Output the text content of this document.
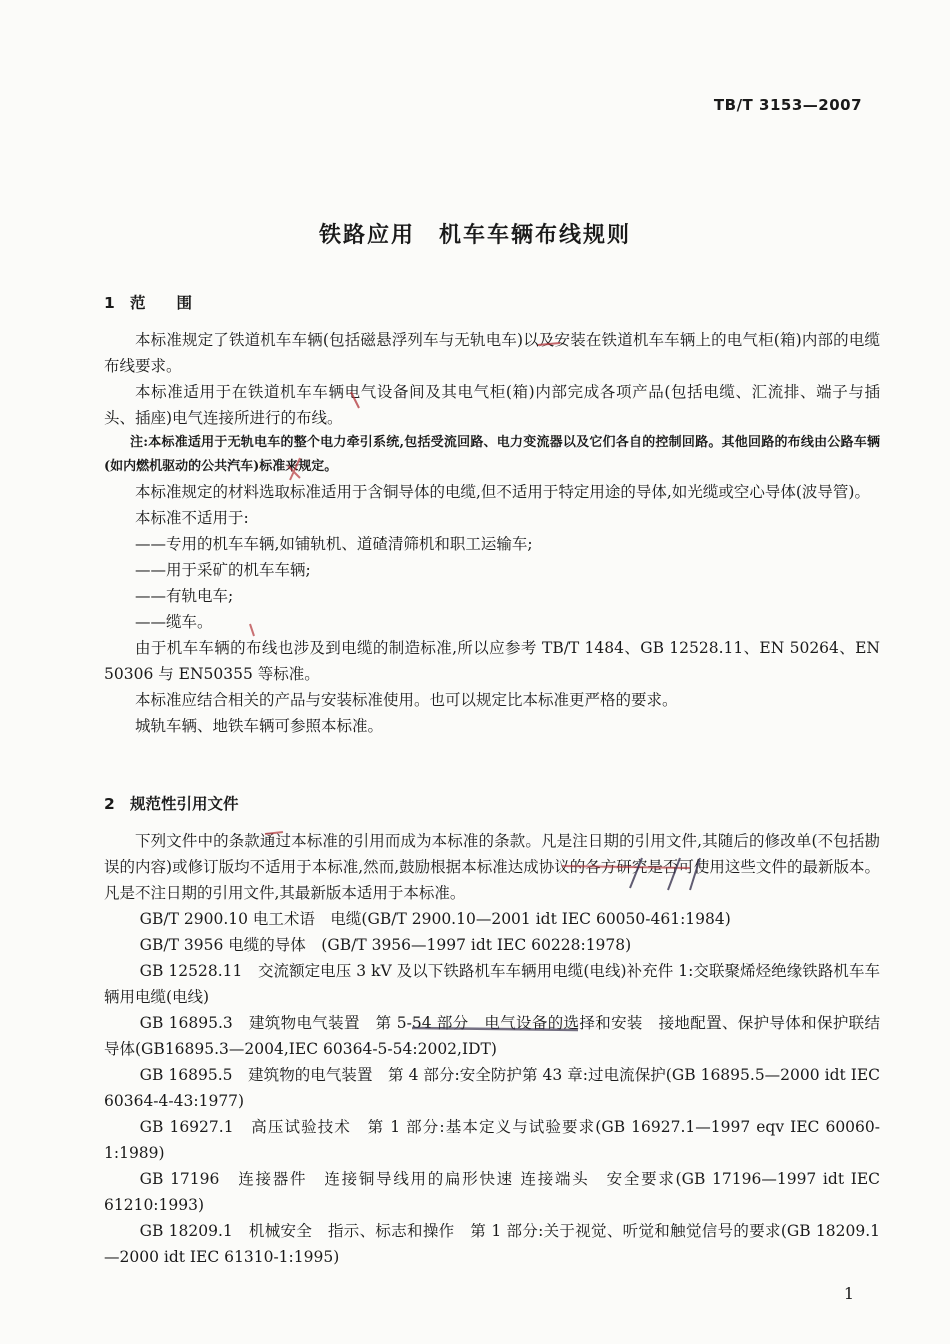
TB/T 3153—2007
铁路应用　机车车辆布线规则
1 范　　围

本标准规定了铁道机车车辆(包括磁悬浮列车与无轨电车)以及安装在铁道机车车辆上的电气柜(箱)内部的电缆布线要求。

本标准适用于在铁道机车车辆电气设备间及其电气柜(箱)内部完成各项产品(包括电缆、汇流排、端子与插头、插座)电气连接所进行的布线。

注:本标准适用于无轨电车的整个电力牵引系统,包括受流回路、电力变流器以及它们各自的控制回路。其他回路的布线由公路车辆(如内燃机驱动的公共汽车)标准来规定。

本标准规定的材料选取标准适用于含铜导体的电缆,但不适用于特定用途的导体,如光缆或空心导体(波导管)。

本标准不适用于:

——专用的机车车辆,如铺轨机、道碴清筛机和职工运输车;

——用于采矿的机车车辆;

——有轨电车;

——缆车。

由于机车车辆的布线也涉及到电缆的制造标准,所以应参考 TB/T 1484、GB 12528.11、EN 50264、EN 50306 与 EN50355 等标准。

本标准应结合相关的产品与安装标准使用。也可以规定比本标准更严格的要求。

城轨车辆、地铁车辆可参照本标准。

2 规范性引用文件

下列文件中的条款通过本标准的引用而成为本标准的条款。凡是注日期的引用文件,其随后的修改单(不包括勘误的内容)或修订版均不适用于本标准,然而,鼓励根据本标准达成协议的各方研究是否可使用这些文件的最新版本。凡是不注日期的引用文件,其最新版本适用于本标准。

GB/T 2900.10 电工术语　电缆(GB/T 2900.10—2001 idt IEC 60050-461:1984)

GB/T 3956 电缆的导体　(GB/T 3956—1997 idt IEC 60228:1978)

GB 12528.11　交流额定电压 3 kV 及以下铁路机车车辆用电缆(电线)补充件 1:交联聚烯烃绝缘铁路机车车辆用电缆(电线)

GB 16895.3　建筑物电气装置　第 5-54 部分　电气设备的选择和安装　接地配置、保护导体和保护联结导体(GB16895.3—2004,IEC 60364-5-54:2002,IDT)

GB 16895.5　建筑物的电气装置　第 4 部分:安全防护第 43 章:过电流保护(GB 16895.5—2000 idt IEC 60364-4-43:1977)

GB 16927.1　高压试验技术　第 1 部分:基本定义与试验要求(GB 16927.1—1997 eqv IEC 60060-1:1989)

GB 17196　连接器件　连接铜导线用的扁形快速 连接端头　安全要求(GB 17196—1997 idt IEC 61210:1993)

GB 18209.1　机械安全　指示、标志和操作　第 1 部分:关于视觉、听觉和触觉信号的要求(GB 18209.1—2000 idt IEC 61310-1:1995)

1
